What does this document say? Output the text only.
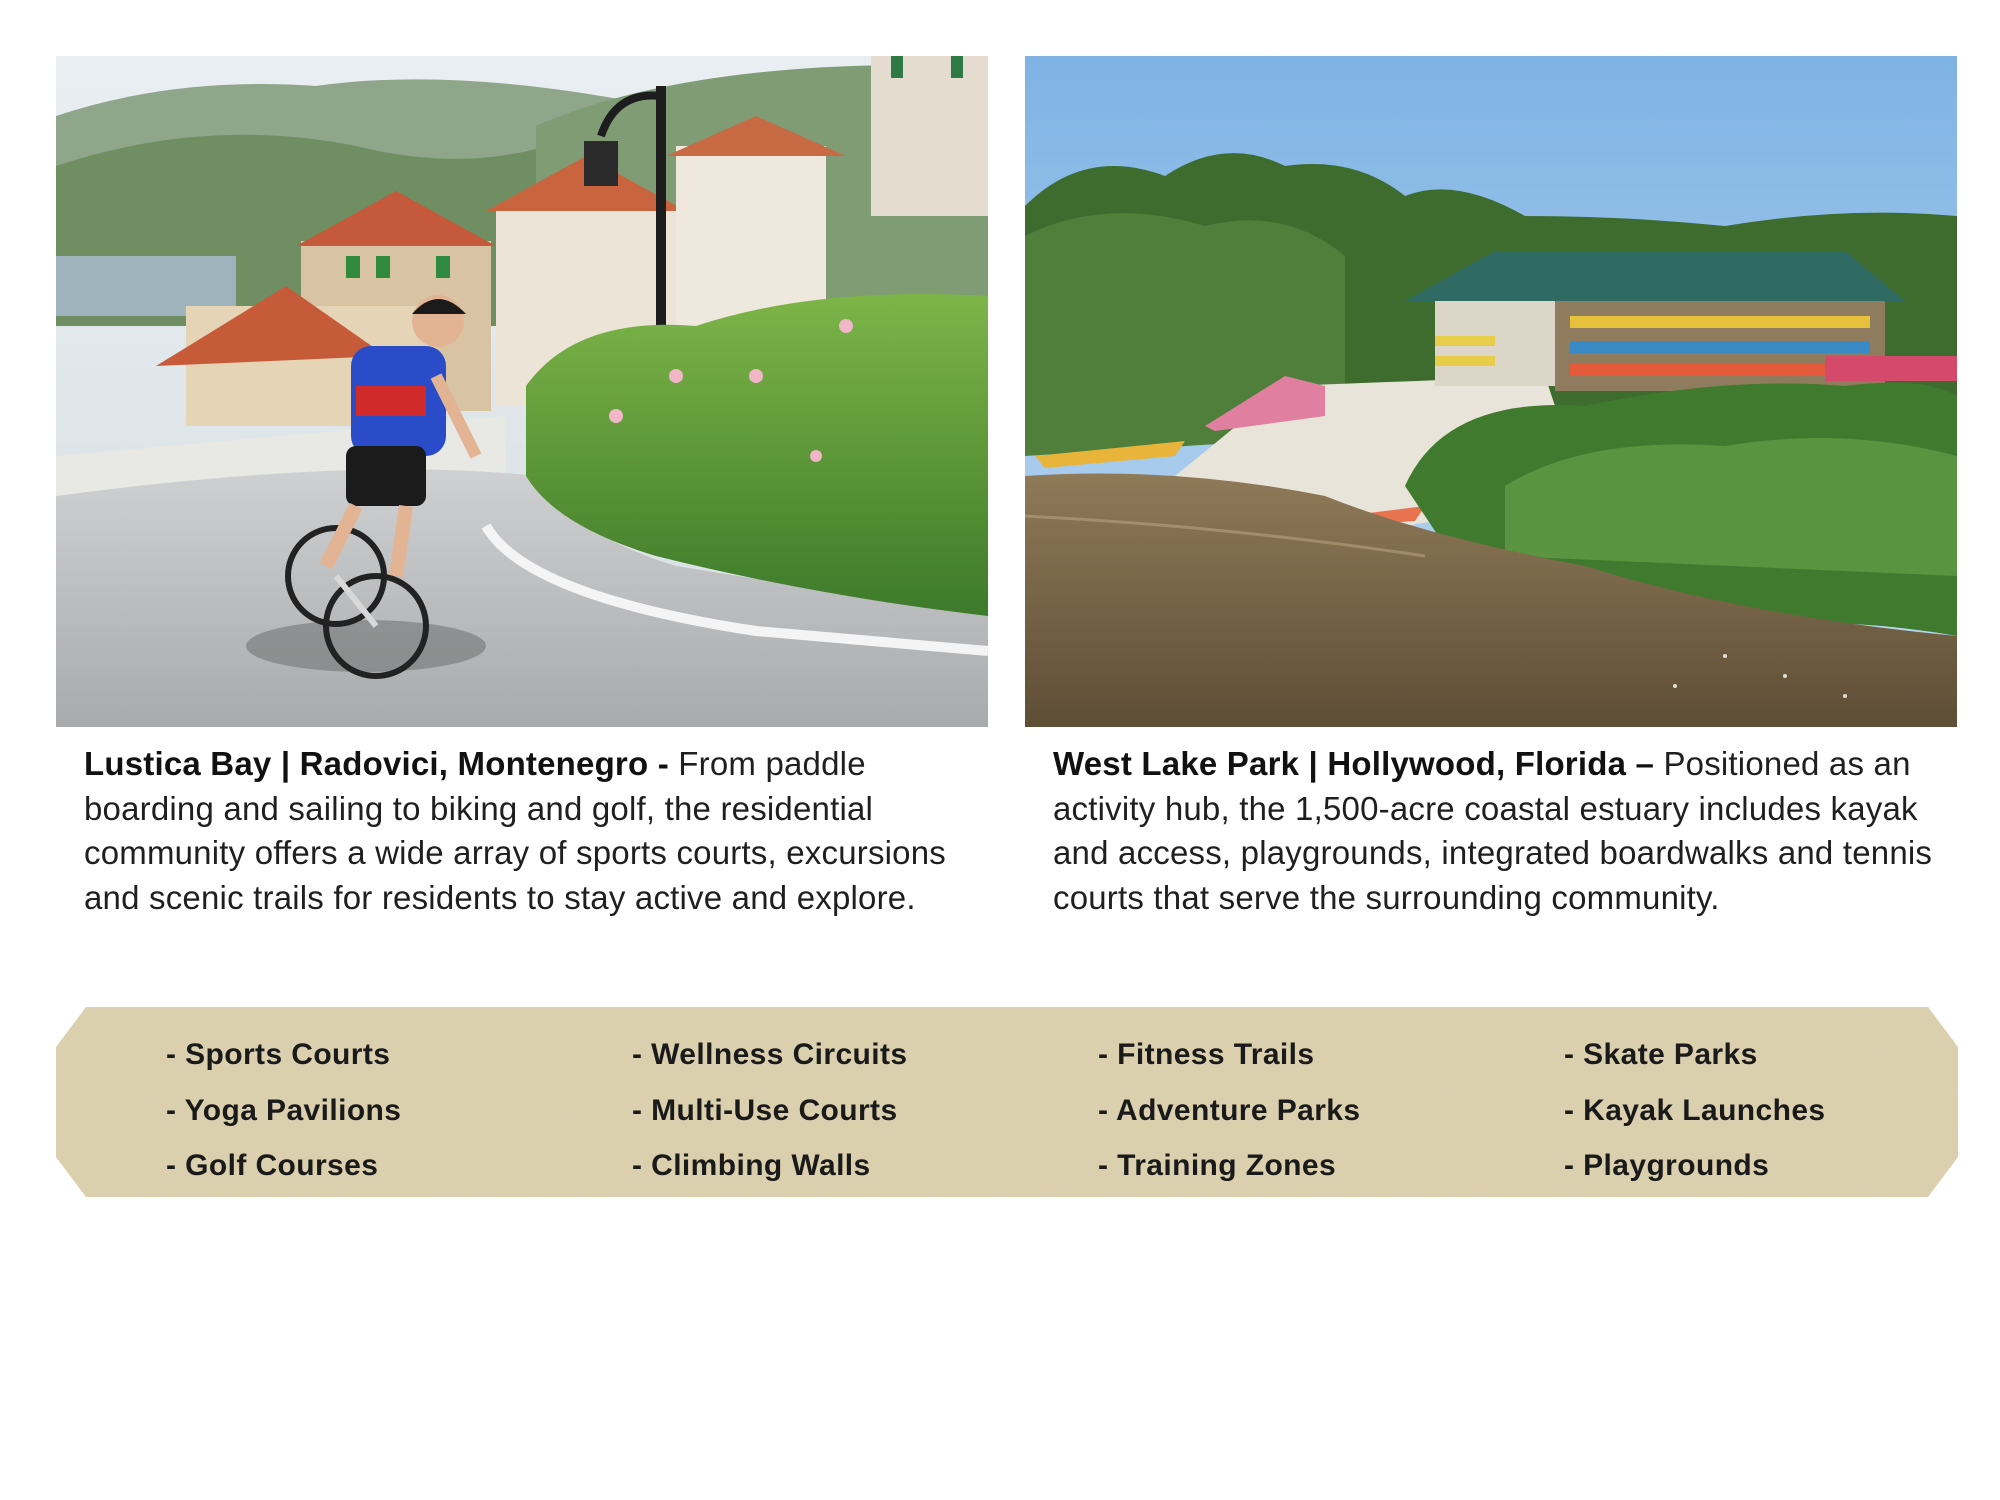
Lustica Bay | Radovici, Montenegro - From paddle boarding and sailing to biking and golf, the residential community offers a wide array of sports courts, excursions and scenic trails for residents to stay active and explore.
West Lake Park | Hollywood, Florida – Positioned as an activity hub, the 1,500-acre coastal estuary includes kayak and access, playgrounds, integrated boardwalks and tennis courts that serve the surrounding community.
- Sports Courts
- Yoga Pavilions
- Golf Courses
- Wellness Circuits
- Multi-Use Courts
- Climbing Walls
- Fitness Trails
- Adventure Parks
- Training Zones
- Skate Parks
- Kayak Launches
- Playgrounds
